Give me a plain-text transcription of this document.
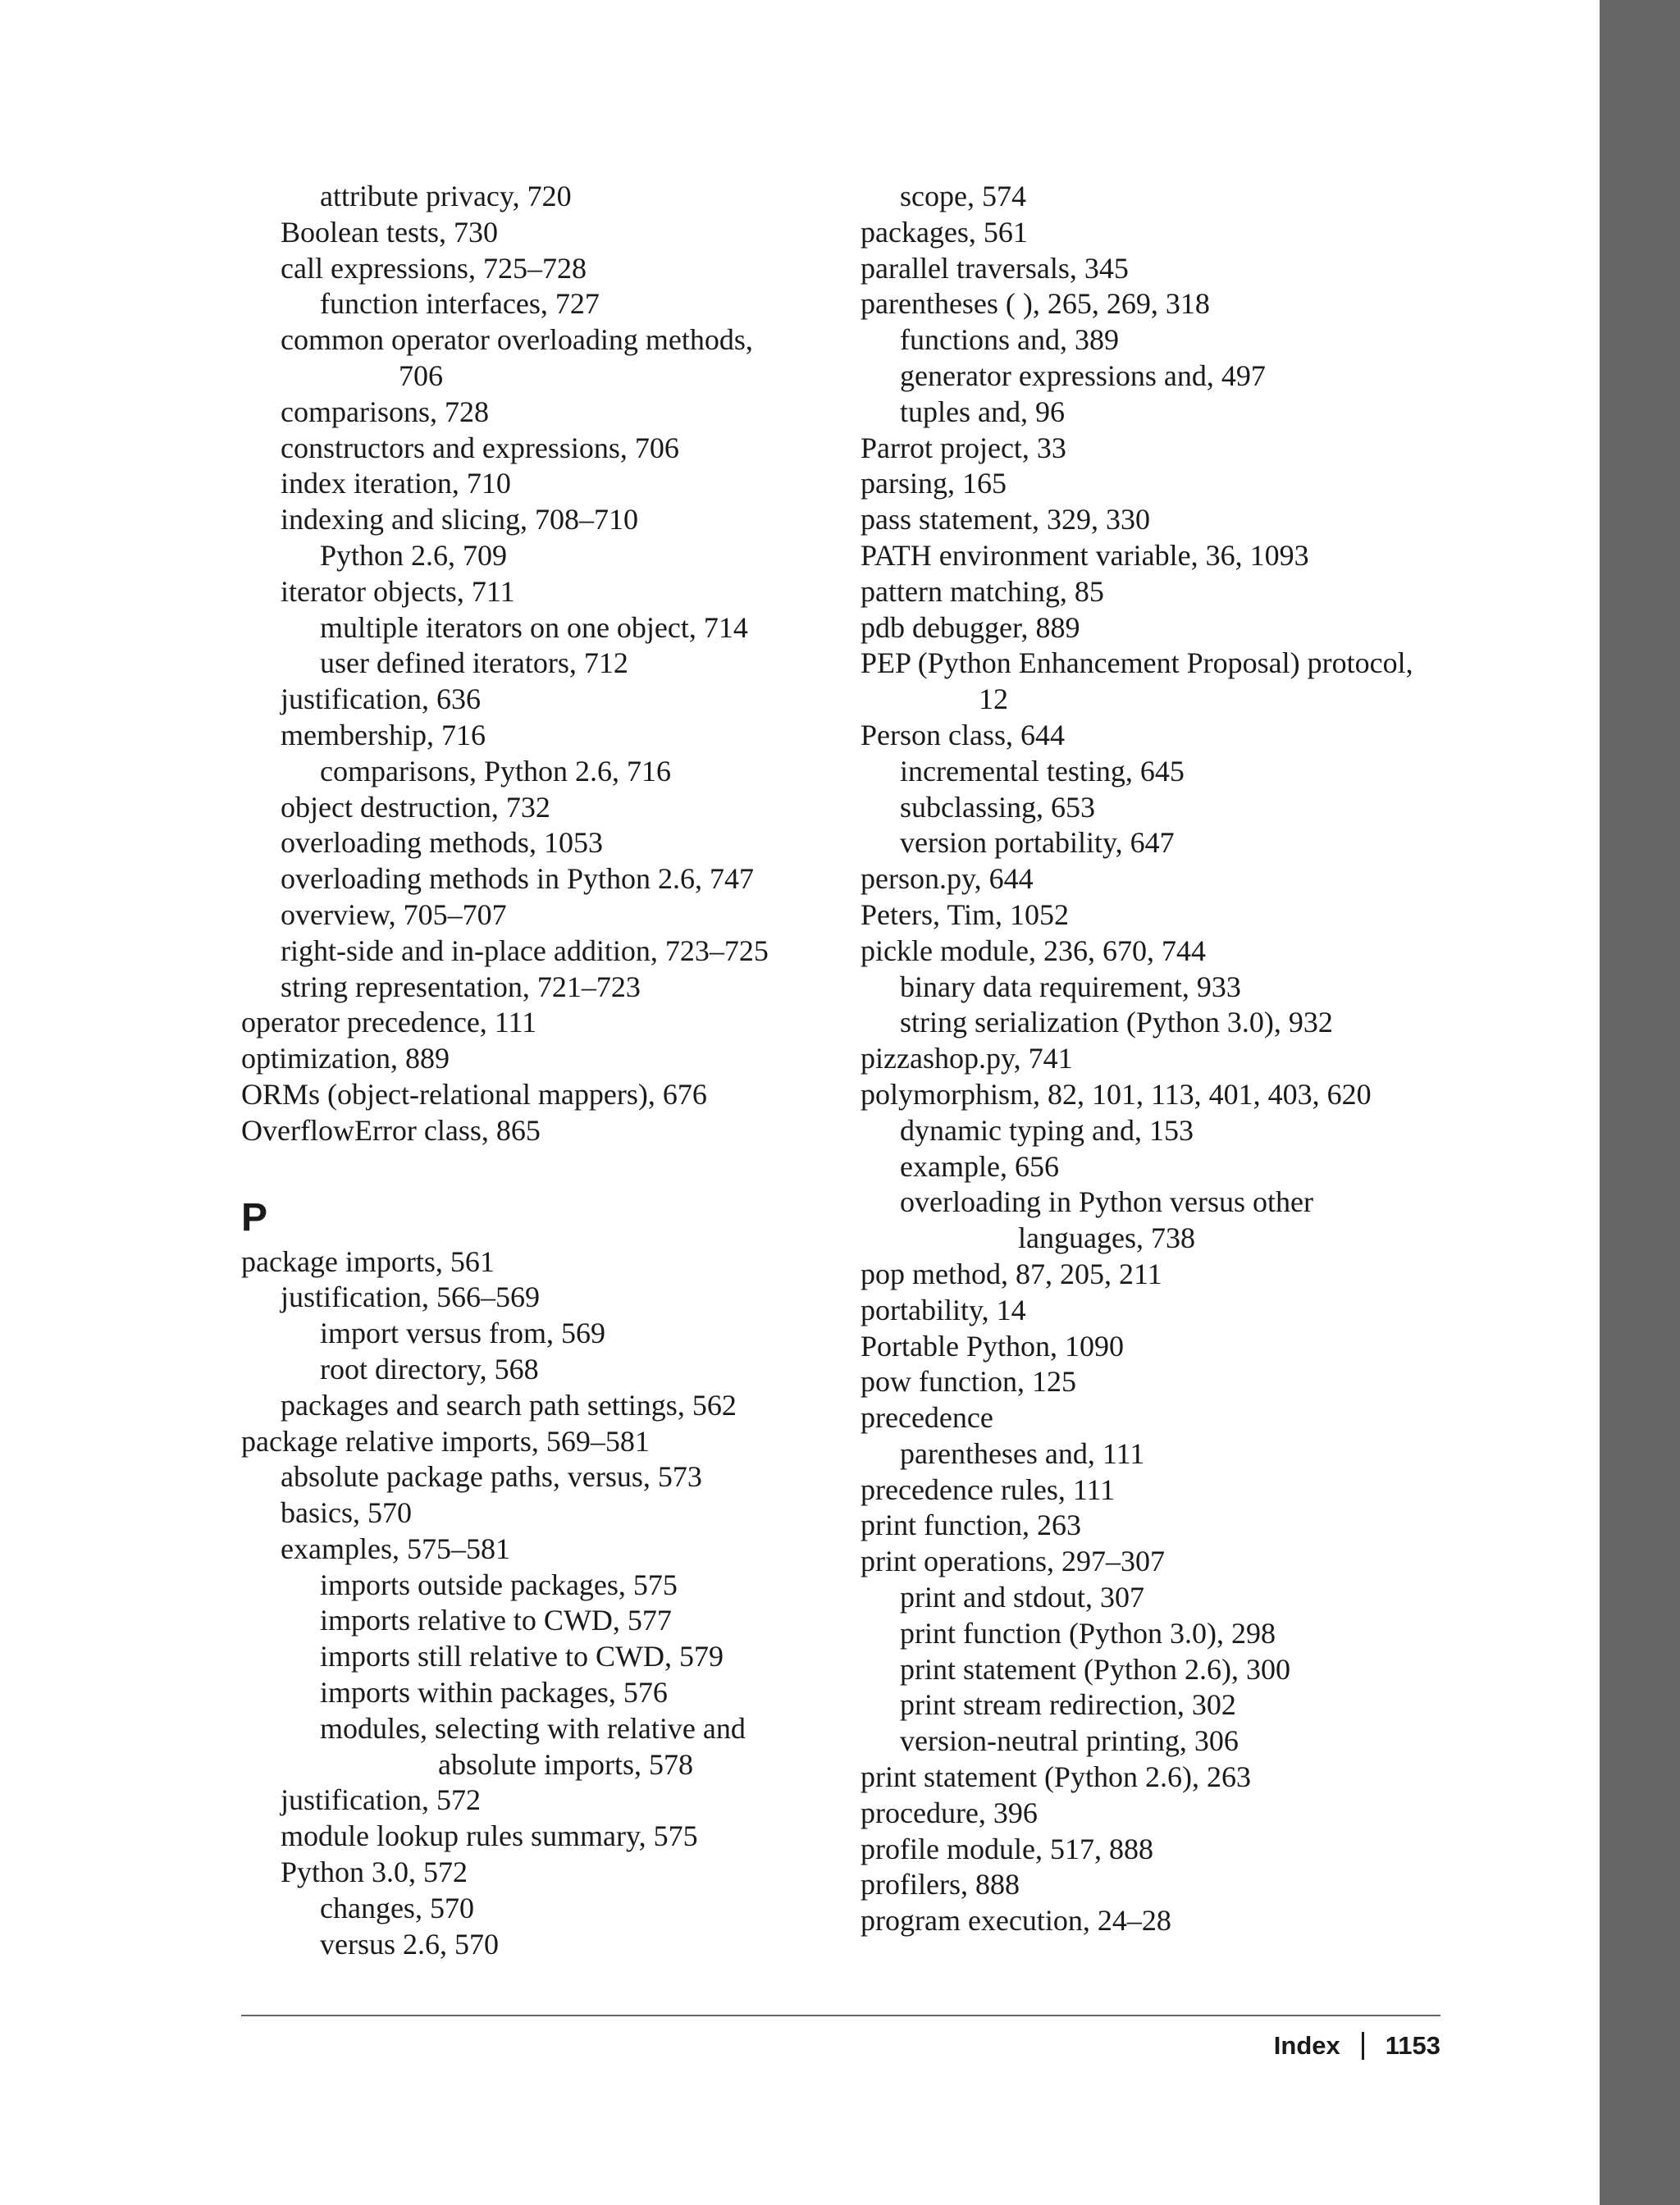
attribute privacy, 720
Boolean tests, 730
call expressions, 725–728
function interfaces, 727
common operator overloading methods,
706
comparisons, 728
constructors and expressions, 706
index iteration, 710
indexing and slicing, 708–710
Python 2.6, 709
iterator objects, 711
multiple iterators on one object, 714
user defined iterators, 712
justification, 636
membership, 716
comparisons, Python 2.6, 716
object destruction, 732
overloading methods, 1053
overloading methods in Python 2.6, 747
overview, 705–707
right-side and in-place addition, 723–725
string representation, 721–723
operator precedence, 111
optimization, 889
ORMs (object-relational mappers), 676
OverflowError class, 865
P
package imports, 561
justification, 566–569
import versus from, 569
root directory, 568
packages and search path settings, 562
package relative imports, 569–581
absolute package paths, versus, 573
basics, 570
examples, 575–581
imports outside packages, 575
imports relative to CWD, 577
imports still relative to CWD, 579
imports within packages, 576
modules, selecting with relative and
absolute imports, 578
justification, 572
module lookup rules summary, 575
Python 3.0, 572
changes, 570
versus 2.6, 570
scope, 574
packages, 561
parallel traversals, 345
parentheses ( ), 265, 269, 318
functions and, 389
generator expressions and, 497
tuples and, 96
Parrot project, 33
parsing, 165
pass statement, 329, 330
PATH environment variable, 36, 1093
pattern matching, 85
pdb debugger, 889
PEP (Python Enhancement Proposal) protocol,
12
Person class, 644
incremental testing, 645
subclassing, 653
version portability, 647
person.py, 644
Peters, Tim, 1052
pickle module, 236, 670, 744
binary data requirement, 933
string serialization (Python 3.0), 932
pizzashop.py, 741
polymorphism, 82, 101, 113, 401, 403, 620
dynamic typing and, 153
example, 656
overloading in Python versus other
languages, 738
pop method, 87, 205, 211
portability, 14
Portable Python, 1090
pow function, 125
precedence
parentheses and, 111
precedence rules, 111
print function, 263
print operations, 297–307
print and stdout, 307
print function (Python 3.0), 298
print statement (Python 2.6), 300
print stream redirection, 302
version-neutral printing, 306
print statement (Python 2.6), 263
procedure, 396
profile module, 517, 888
profilers, 888
program execution, 24–28
Index 1153
